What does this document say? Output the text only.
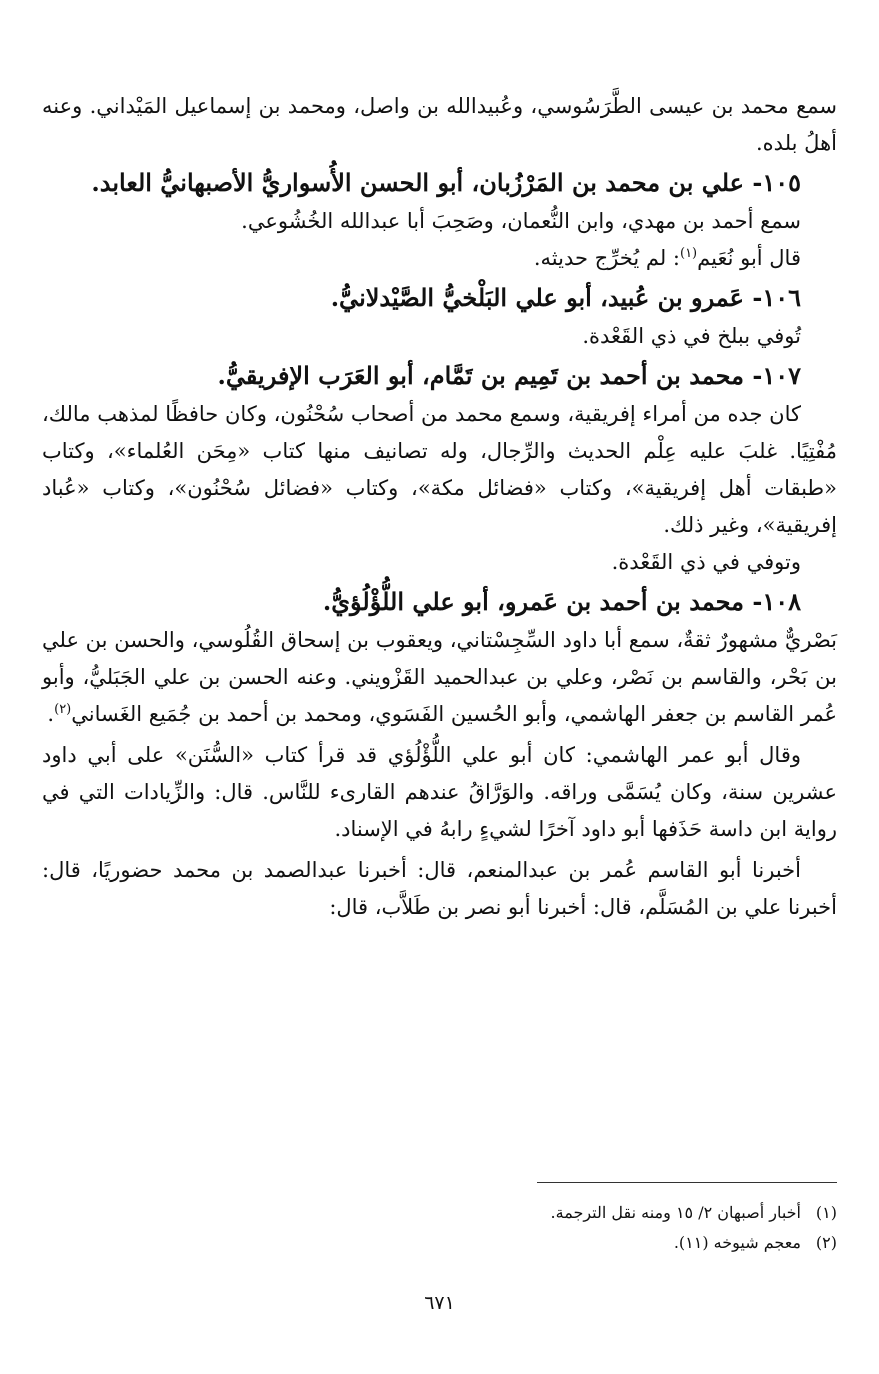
سمع محمد بن عيسى الطَّرَسُوسي، وعُبيدالله بن واصل، ومحمد بن إسماعيل المَيْداني. وعنه أهلُ بلده.

١٠٥- علي بن محمد بن المَرْزُبان، أبو الحسن الأُسواريُّ الأصبهانيُّ العابد.

سمع أحمد بن مهدي، وابن النُّعمان، وصَحِبَ أبا عبدالله الخُشُوعي.

قال أبو نُعَيم$^{(١)}$: لم يُخرِّج حديثه.

١٠٦- عَمرو بن عُبيد، أبو علي البَلْخيُّ الصَّيْدلانيُّ.

تُوفي ببلخ في ذي القَعْدة.

١٠٧- محمد بن أحمد بن تَمِيم بن تَمَّام، أبو العَرَب الإفريقيُّ.

كان جده من أمراء إفريقية، وسمع محمد من أصحاب سُحْنُون، وكان حافظًا لمذهب مالك، مُفْتِيًا. غلبَ عليه عِلْم الحديث والرِّجال، وله تصانيف منها كتاب «مِحَن العُلماء»، وكتاب «طبقات أهل إفريقية»، وكتاب «فضائل مكة»، وكتاب «فضائل سُحْنُون»، وكتاب «عُباد إفريقية»، وغير ذلك.

وتوفي في ذي القَعْدة.

١٠٨- محمد بن أحمد بن عَمرو، أبو علي اللُّؤْلُؤيُّ.

بَصْريٌّ مشهورٌ ثقةٌ، سمع أبا داود السِّجِسْتاني، ويعقوب بن إسحاق القُلُوسي، والحسن بن علي بن بَحْر، والقاسم بن نَصْر، وعلي بن عبدالحميد القَزْويني. وعنه الحسن بن علي الجَبَليُّ، وأبو عُمر القاسم بن جعفر الهاشمي، وأبو الحُسين الفَسَوي، ومحمد بن أحمد بن جُمَيع الغَساني$^{(٢)}$.

وقال أبو عمر الهاشمي: كان أبو علي اللُّؤْلُؤي قد قرأ كتاب «السُّنَن» على أبي داود عشرين سنة، وكان يُسَمَّى وراقه. والوَرَّاقُ عندهم القارىء للنَّاس. قال: والزِّيادات التي في رواية ابن داسة حَذَفها أبو داود آخرًا لشيءٍ رابهُ في الإسناد.

أخبرنا أبو القاسم عُمر بن عبدالمنعم، قال: أخبرنا عبدالصمد بن محمد حضوريًا، قال: أخبرنا علي بن المُسَلَّم، قال: أخبرنا أبو نصر بن طَلاَّب، قال:

(١)أخبار أصبهان ٢/ ١٥ ومنه نقل الترجمة.

(٢)معجم شيوخه (١١).

٦٧١
